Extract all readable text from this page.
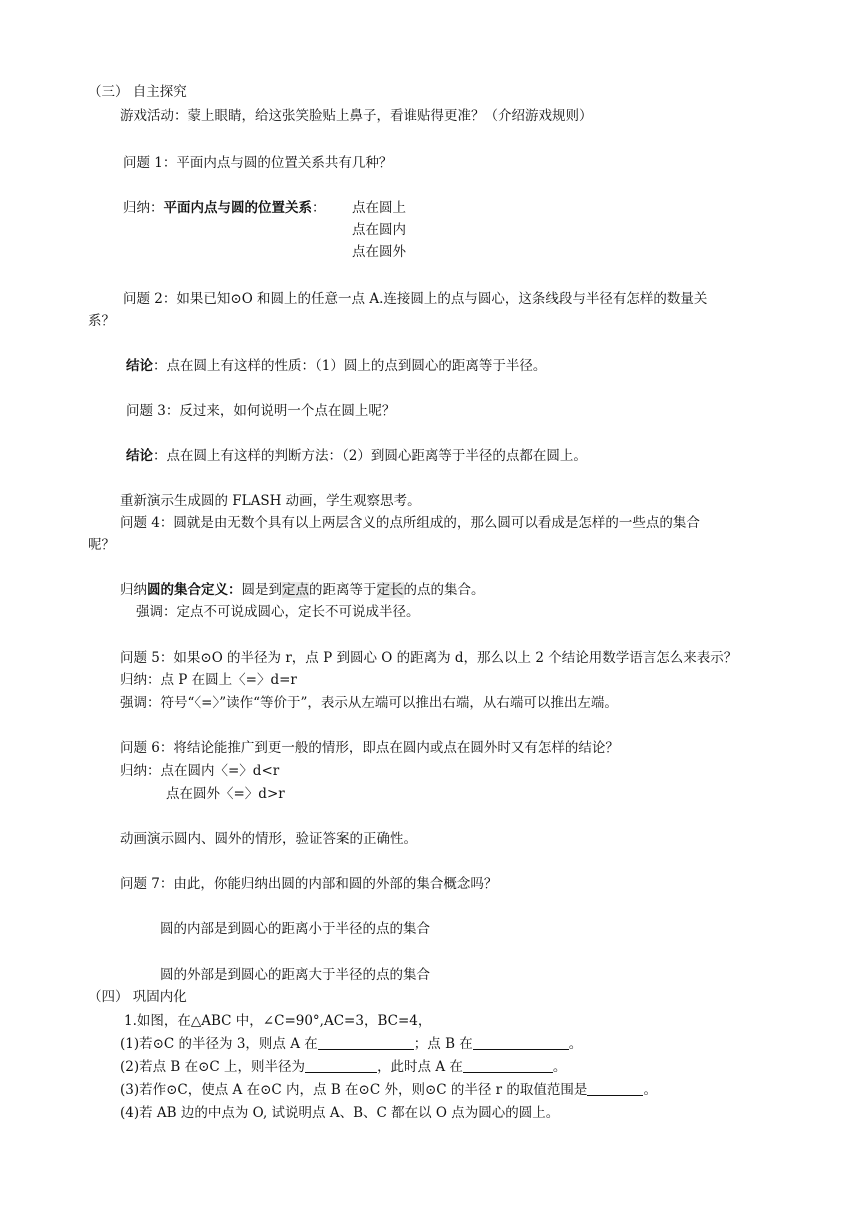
（三） 自主探究
游戏活动：蒙上眼睛，给这张笑脸贴上鼻子，看谁贴得更准？（介绍游戏规则）
问题 1：平面内点与圆的位置关系共有几种？
归纳：平面内点与圆的位置关系： 点在圆上
点在圆内
点在圆外
问题 2：如果已知⊙O 和圆上的任意一点 A.连接圆上的点与圆心，这条线段与半径有怎样的数量关
系？
结论：点在圆上有这样的性质：（1）圆上的点到圆心的距离等于半径。
问题 3：反过来，如何说明一个点在圆上呢？
结论：点在圆上有这样的判断方法：（2）到圆心距离等于半径的点都在圆上。
重新演示生成圆的 FLASH 动画，学生观察思考。
问题 4：圆就是由无数个具有以上两层含义的点所组成的，那么圆可以看成是怎样的一些点的集合
呢？
归纳圆的集合定义：圆是到定点的距离等于定长的点的集合。
强调：定点不可说成圆心，定长不可说成半径。
问题 5：如果⊙O 的半径为 r，点 P 到圆心 O 的距离为 d，那么以上 2 个结论用数学语言怎么来表示？
归纳：点 P 在圆上〈=〉d=r
强调：符号“〈=〉”读作“等价于”，表示从左端可以推出右端，从右端可以推出左端。
问题 6：将结论能推广到更一般的情形，即点在圆内或点在圆外时又有怎样的结论？
归纳：点在圆内〈=〉d<r
点在圆外〈=〉d>r
动画演示圆内、圆外的情形，验证答案的正确性。
问题 7：由此，你能归纳出圆的内部和圆的外部的集合概念吗？
圆的内部是到圆心的距离小于半径的点的集合
圆的外部是到圆心的距离大于半径的点的集合
（四） 巩固内化
1.如图，在△ABC 中，∠C=90°,AC=3，BC=4，
(1)若⊙C 的半径为 3，则点 A 在	；点 B 在	。
(2)若点 B 在⊙C 上，则半径为	，此时点 A 在	。
(3)若作⊙C，使点 A 在⊙C 内，点 B 在⊙C 外，则⊙C 的半径 r 的取值范围是	。
(4)若 AB 边的中点为 O, 试说明点 A、B、C 都在以 O 点为圆心的圆上。
